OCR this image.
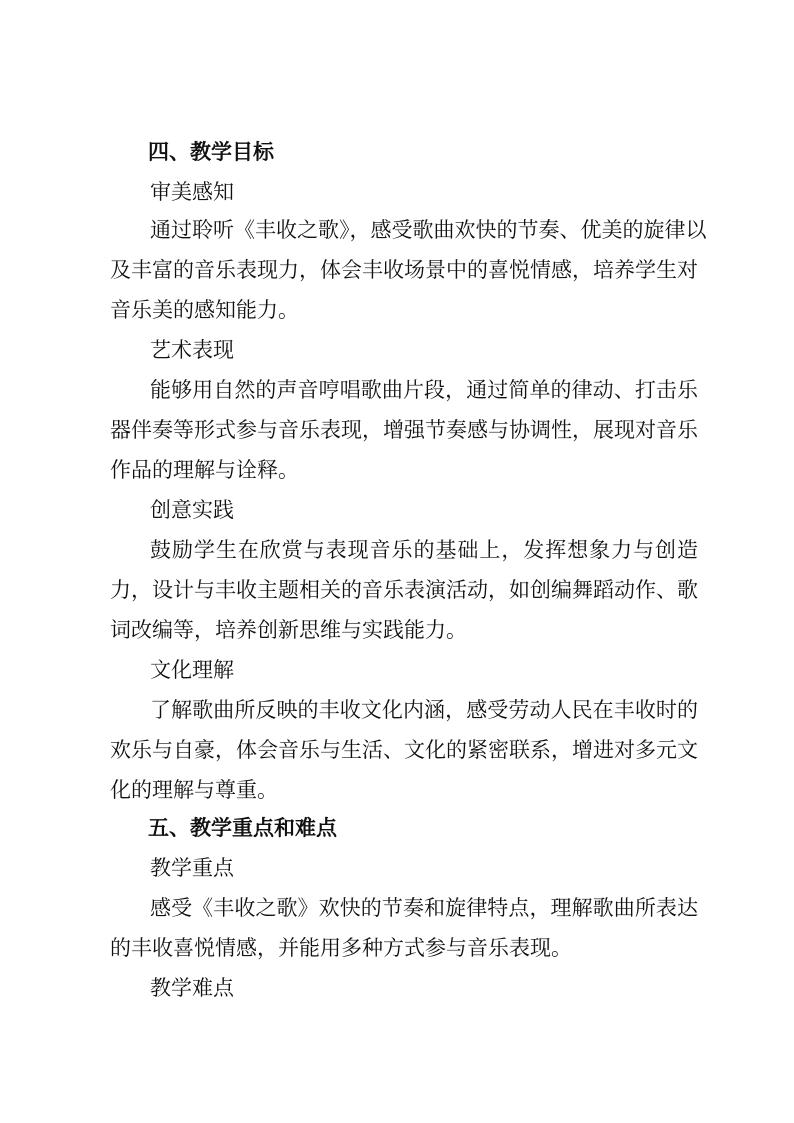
四、教学目标
审美感知
通过聆听《丰收之歌》，感受歌曲欢快的节奏、优美的旋律以
及丰富的音乐表现力，体会丰收场景中的喜悦情感，培养学生对
音乐美的感知能力。
艺术表现
能够用自然的声音哼唱歌曲片段，通过简单的律动、打击乐
器伴奏等形式参与音乐表现，增强节奏感与协调性，展现对音乐
作品的理解与诠释。
创意实践
鼓励学生在欣赏与表现音乐的基础上，发挥想象力与创造
力，设计与丰收主题相关的音乐表演活动，如创编舞蹈动作、歌
词改编等，培养创新思维与实践能力。
文化理解
了解歌曲所反映的丰收文化内涵，感受劳动人民在丰收时的
欢乐与自豪，体会音乐与生活、文化的紧密联系，增进对多元文
化的理解与尊重。
五、教学重点和难点
教学重点
感受《丰收之歌》欢快的节奏和旋律特点，理解歌曲所表达
的丰收喜悦情感，并能用多种方式参与音乐表现。
教学难点
